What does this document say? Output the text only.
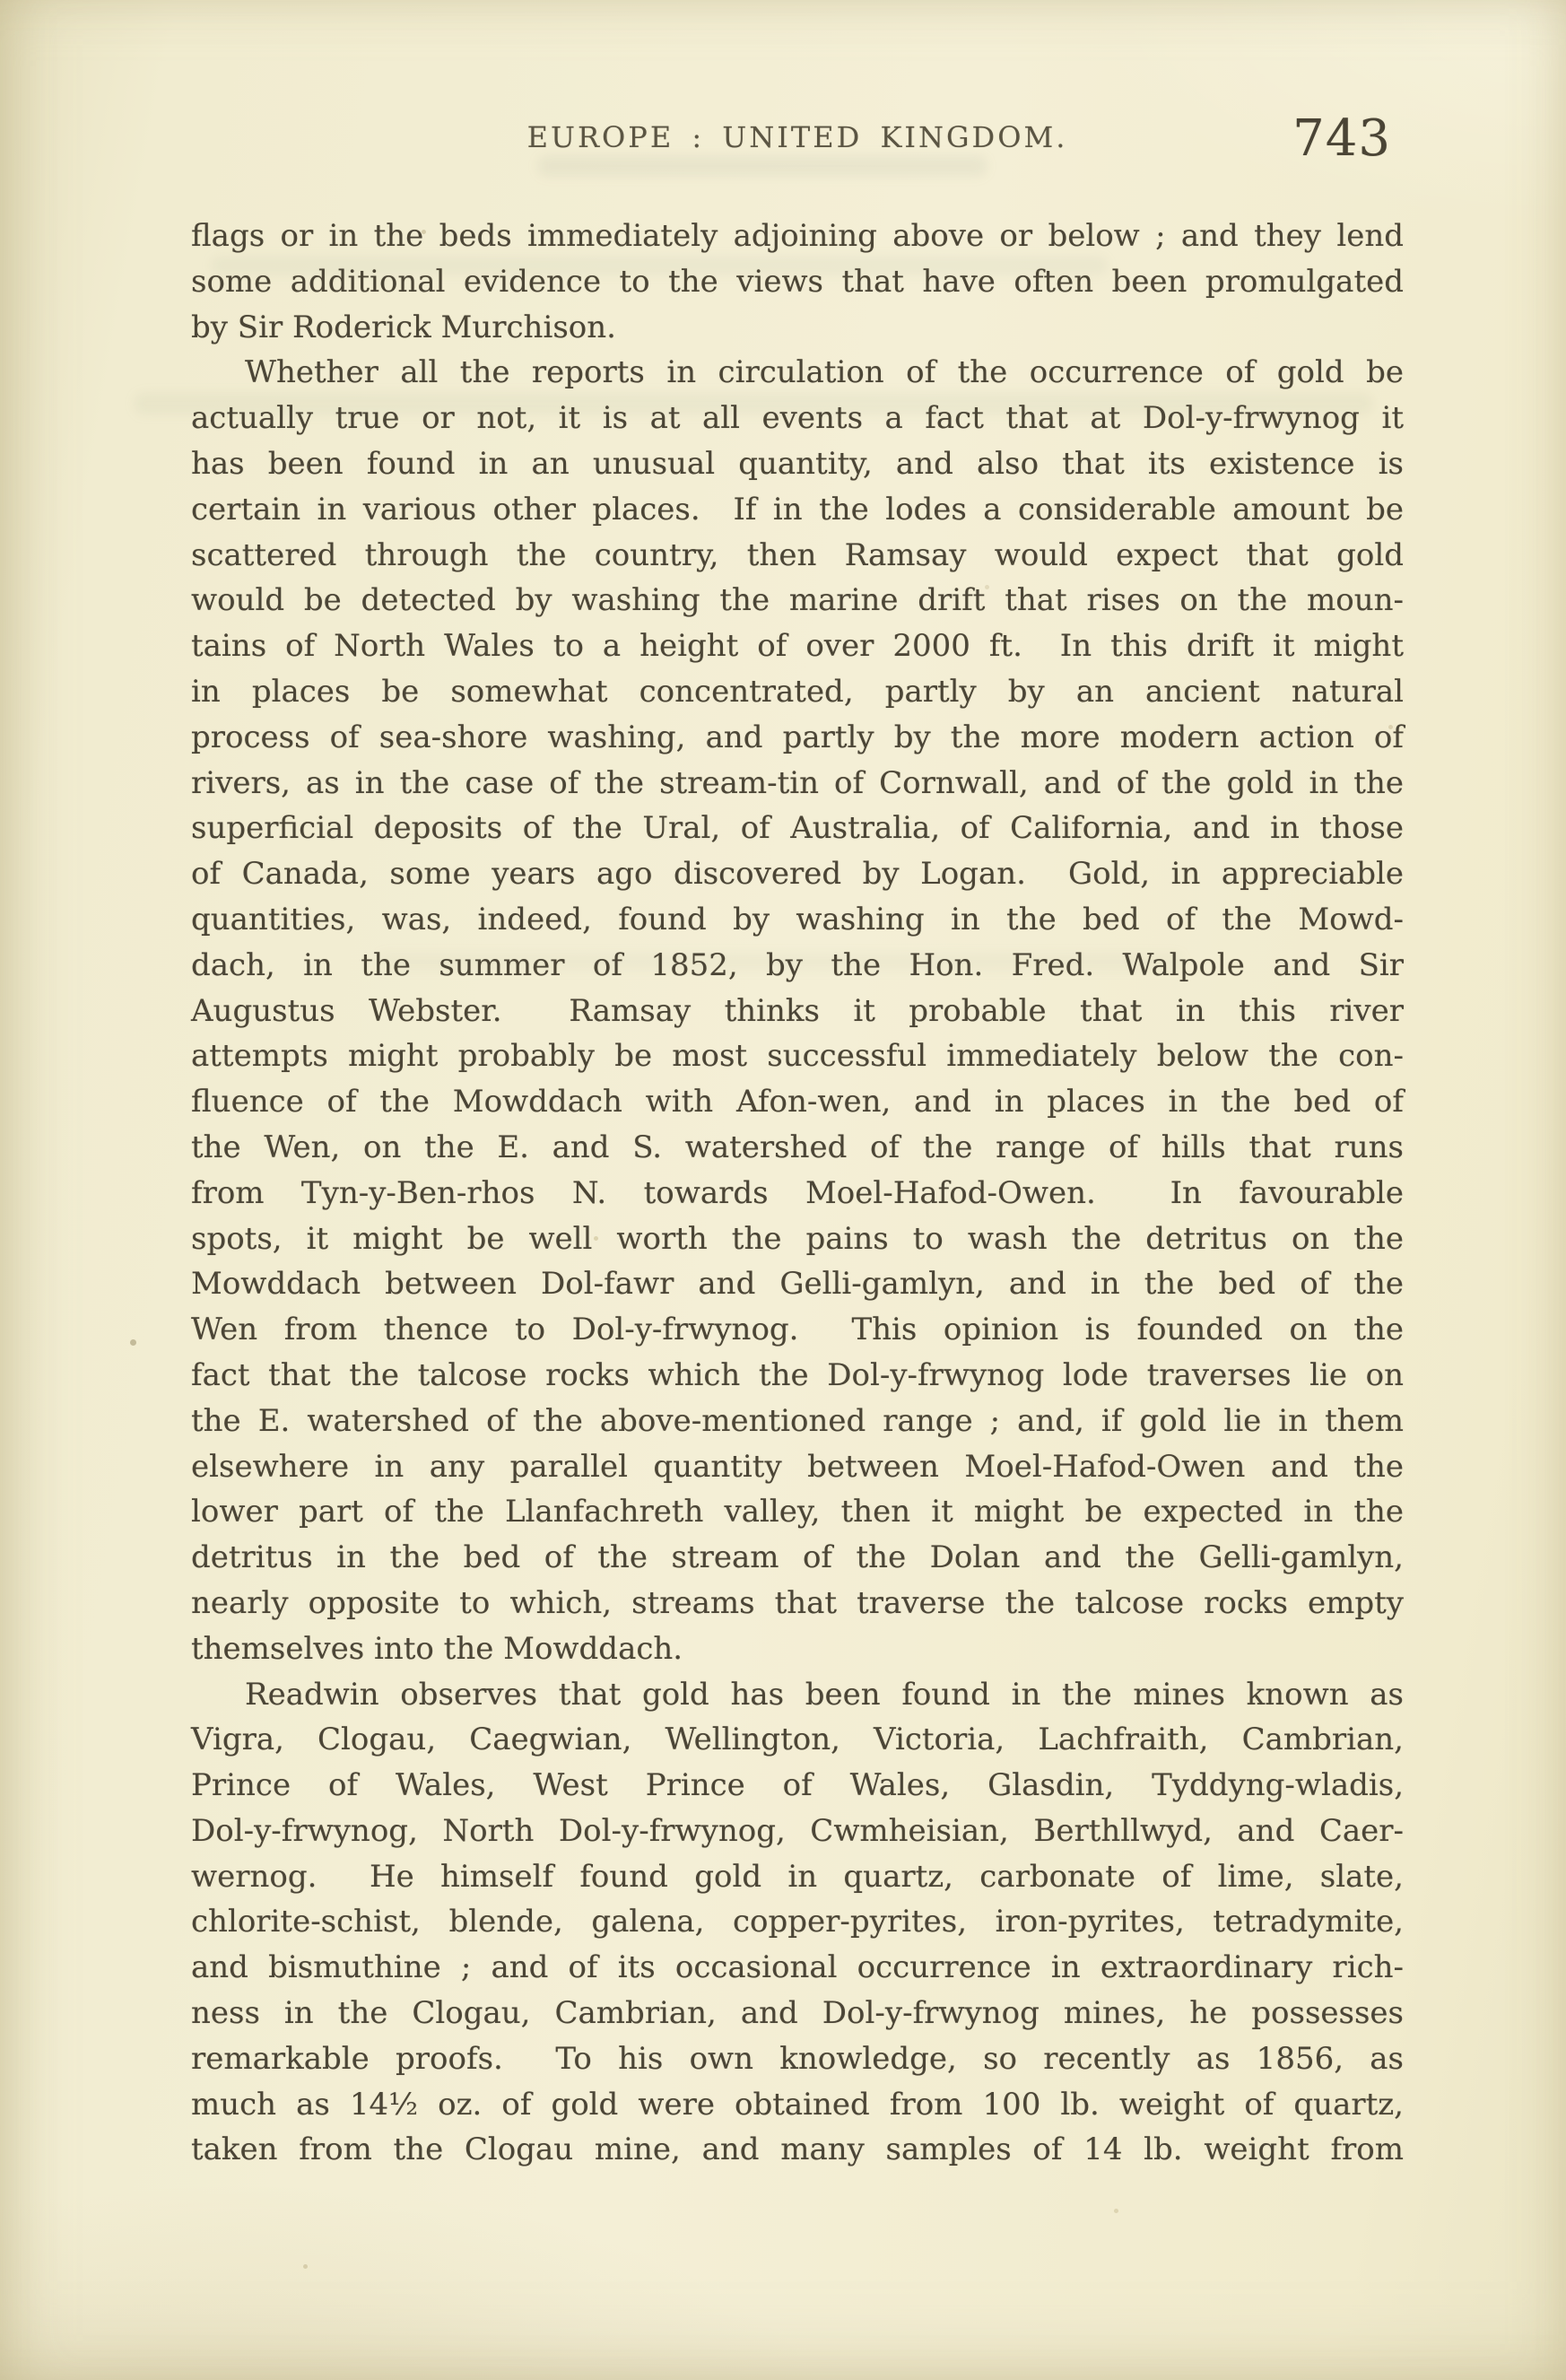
EUROPE : UNITED KINGDOM.	743
flags or in the beds immediately adjoining above or below ; and they lend
some additional evidence to the views that have often been promulgated
by Sir Roderick Murchison.
Whether all the reports in circulation of the occurrence of gold be
actually true or not, it is at all events a fact that at Dol-y-frwynog it
has been found in an unusual quantity, and also that its existence is
certain in various other places.  If in the lodes a considerable amount be
scattered through the country, then Ramsay would expect that gold
would be detected by washing the marine drift that rises on the moun-
tains of North Wales to a height of over 2000 ft.  In this drift it might
in places be somewhat concentrated, partly by an ancient natural
process of sea-shore washing, and partly by the more modern action of
rivers, as in the case of the stream-tin of Cornwall, and of the gold in the
superficial deposits of the Ural, of Australia, of California, and in those
of Canada, some years ago discovered by Logan.  Gold, in appreciable
quantities, was, indeed, found by washing in the bed of the Mowd-
dach, in the summer of 1852, by the Hon. Fred. Walpole and Sir
Augustus Webster.  Ramsay thinks it probable that in this river
attempts might probably be most successful immediately below the con-
fluence of the Mowddach with Afon-wen, and in places in the bed of
the Wen, on the E. and S. watershed of the range of hills that runs
from Tyn-y-Ben-rhos N. towards Moel-Hafod-Owen.  In favourable
spots, it might be well worth the pains to wash the detritus on the
Mowddach between Dol-fawr and Gelli-gamlyn, and in the bed of the
Wen from thence to Dol-y-frwynog.  This opinion is founded on the
fact that the talcose rocks which the Dol-y-frwynog lode traverses lie on
the E. watershed of the above-mentioned range ; and, if gold lie in them
elsewhere in any parallel quantity between Moel-Hafod-Owen and the
lower part of the Llanfachreth valley, then it might be expected in the
detritus in the bed of the stream of the Dolan and the Gelli-gamlyn,
nearly opposite to which, streams that traverse the talcose rocks empty
themselves into the Mowddach.
Readwin observes that gold has been found in the mines known as
Vigra, Clogau, Caegwian, Wellington, Victoria, Lachfraith, Cambrian,
Prince of Wales, West Prince of Wales, Glasdin, Tyddyng-wladis,
Dol-y-frwynog, North Dol-y-frwynog, Cwmheisian, Berthllwyd, and Caer-
wernog.  He himself found gold in quartz, carbonate of lime, slate,
chlorite-schist, blende, galena, copper-pyrites, iron-pyrites, tetradymite,
and bismuthine ; and of its occasional occurrence in extraordinary rich-
ness in the Clogau, Cambrian, and Dol-y-frwynog mines, he possesses
remarkable proofs.  To his own knowledge, so recently as 1856, as
much as 14½ oz. of gold were obtained from 100 lb. weight of quartz,
taken from the Clogau mine, and many samples of 14 lb. weight from
